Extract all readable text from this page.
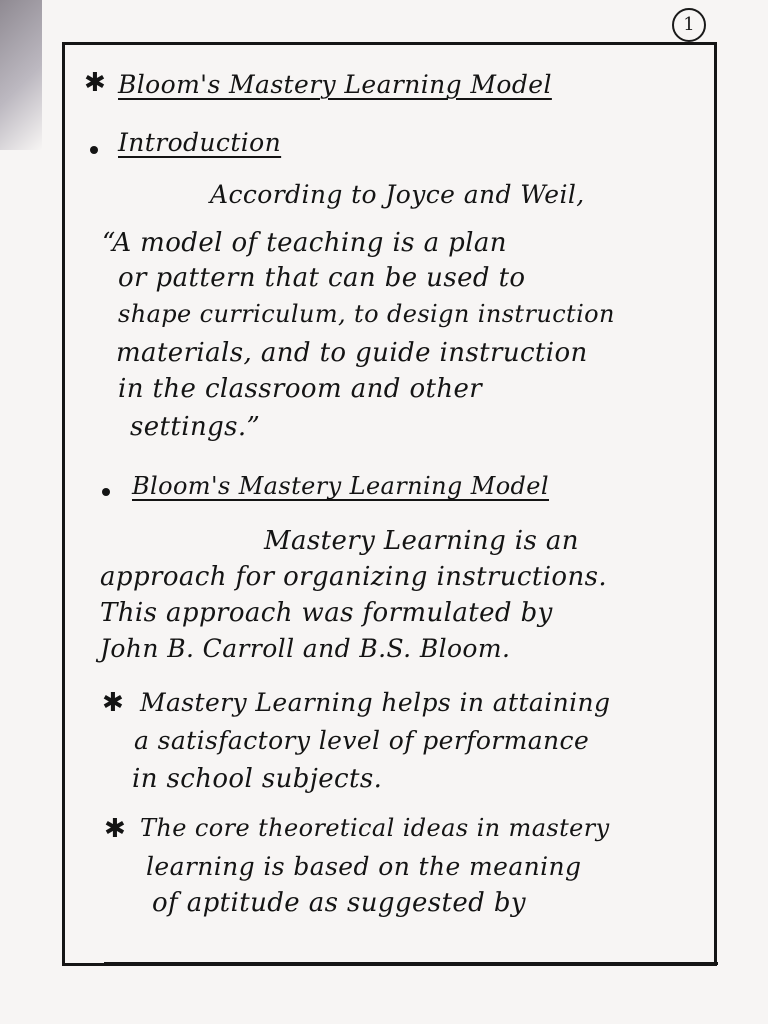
1
✱ Bloom's Mastery Learning Model
Introduction
According to Joyce and Weil,
“A model of teaching is a plan
or pattern that can be used to
shape curriculum, to design instruction
materials, and to guide instruction
in the classroom and other
settings.”
Bloom's Mastery Learning Model
Mastery Learning is an
approach for organizing instructions.
This approach was formulated by
John B. Carroll and B.S. Bloom.
✱ Mastery Learning helps in attaining
a satisfactory level of performance
in school subjects.
✱ The core theoretical ideas in mastery
learning is based on the meaning
of aptitude as suggested by
